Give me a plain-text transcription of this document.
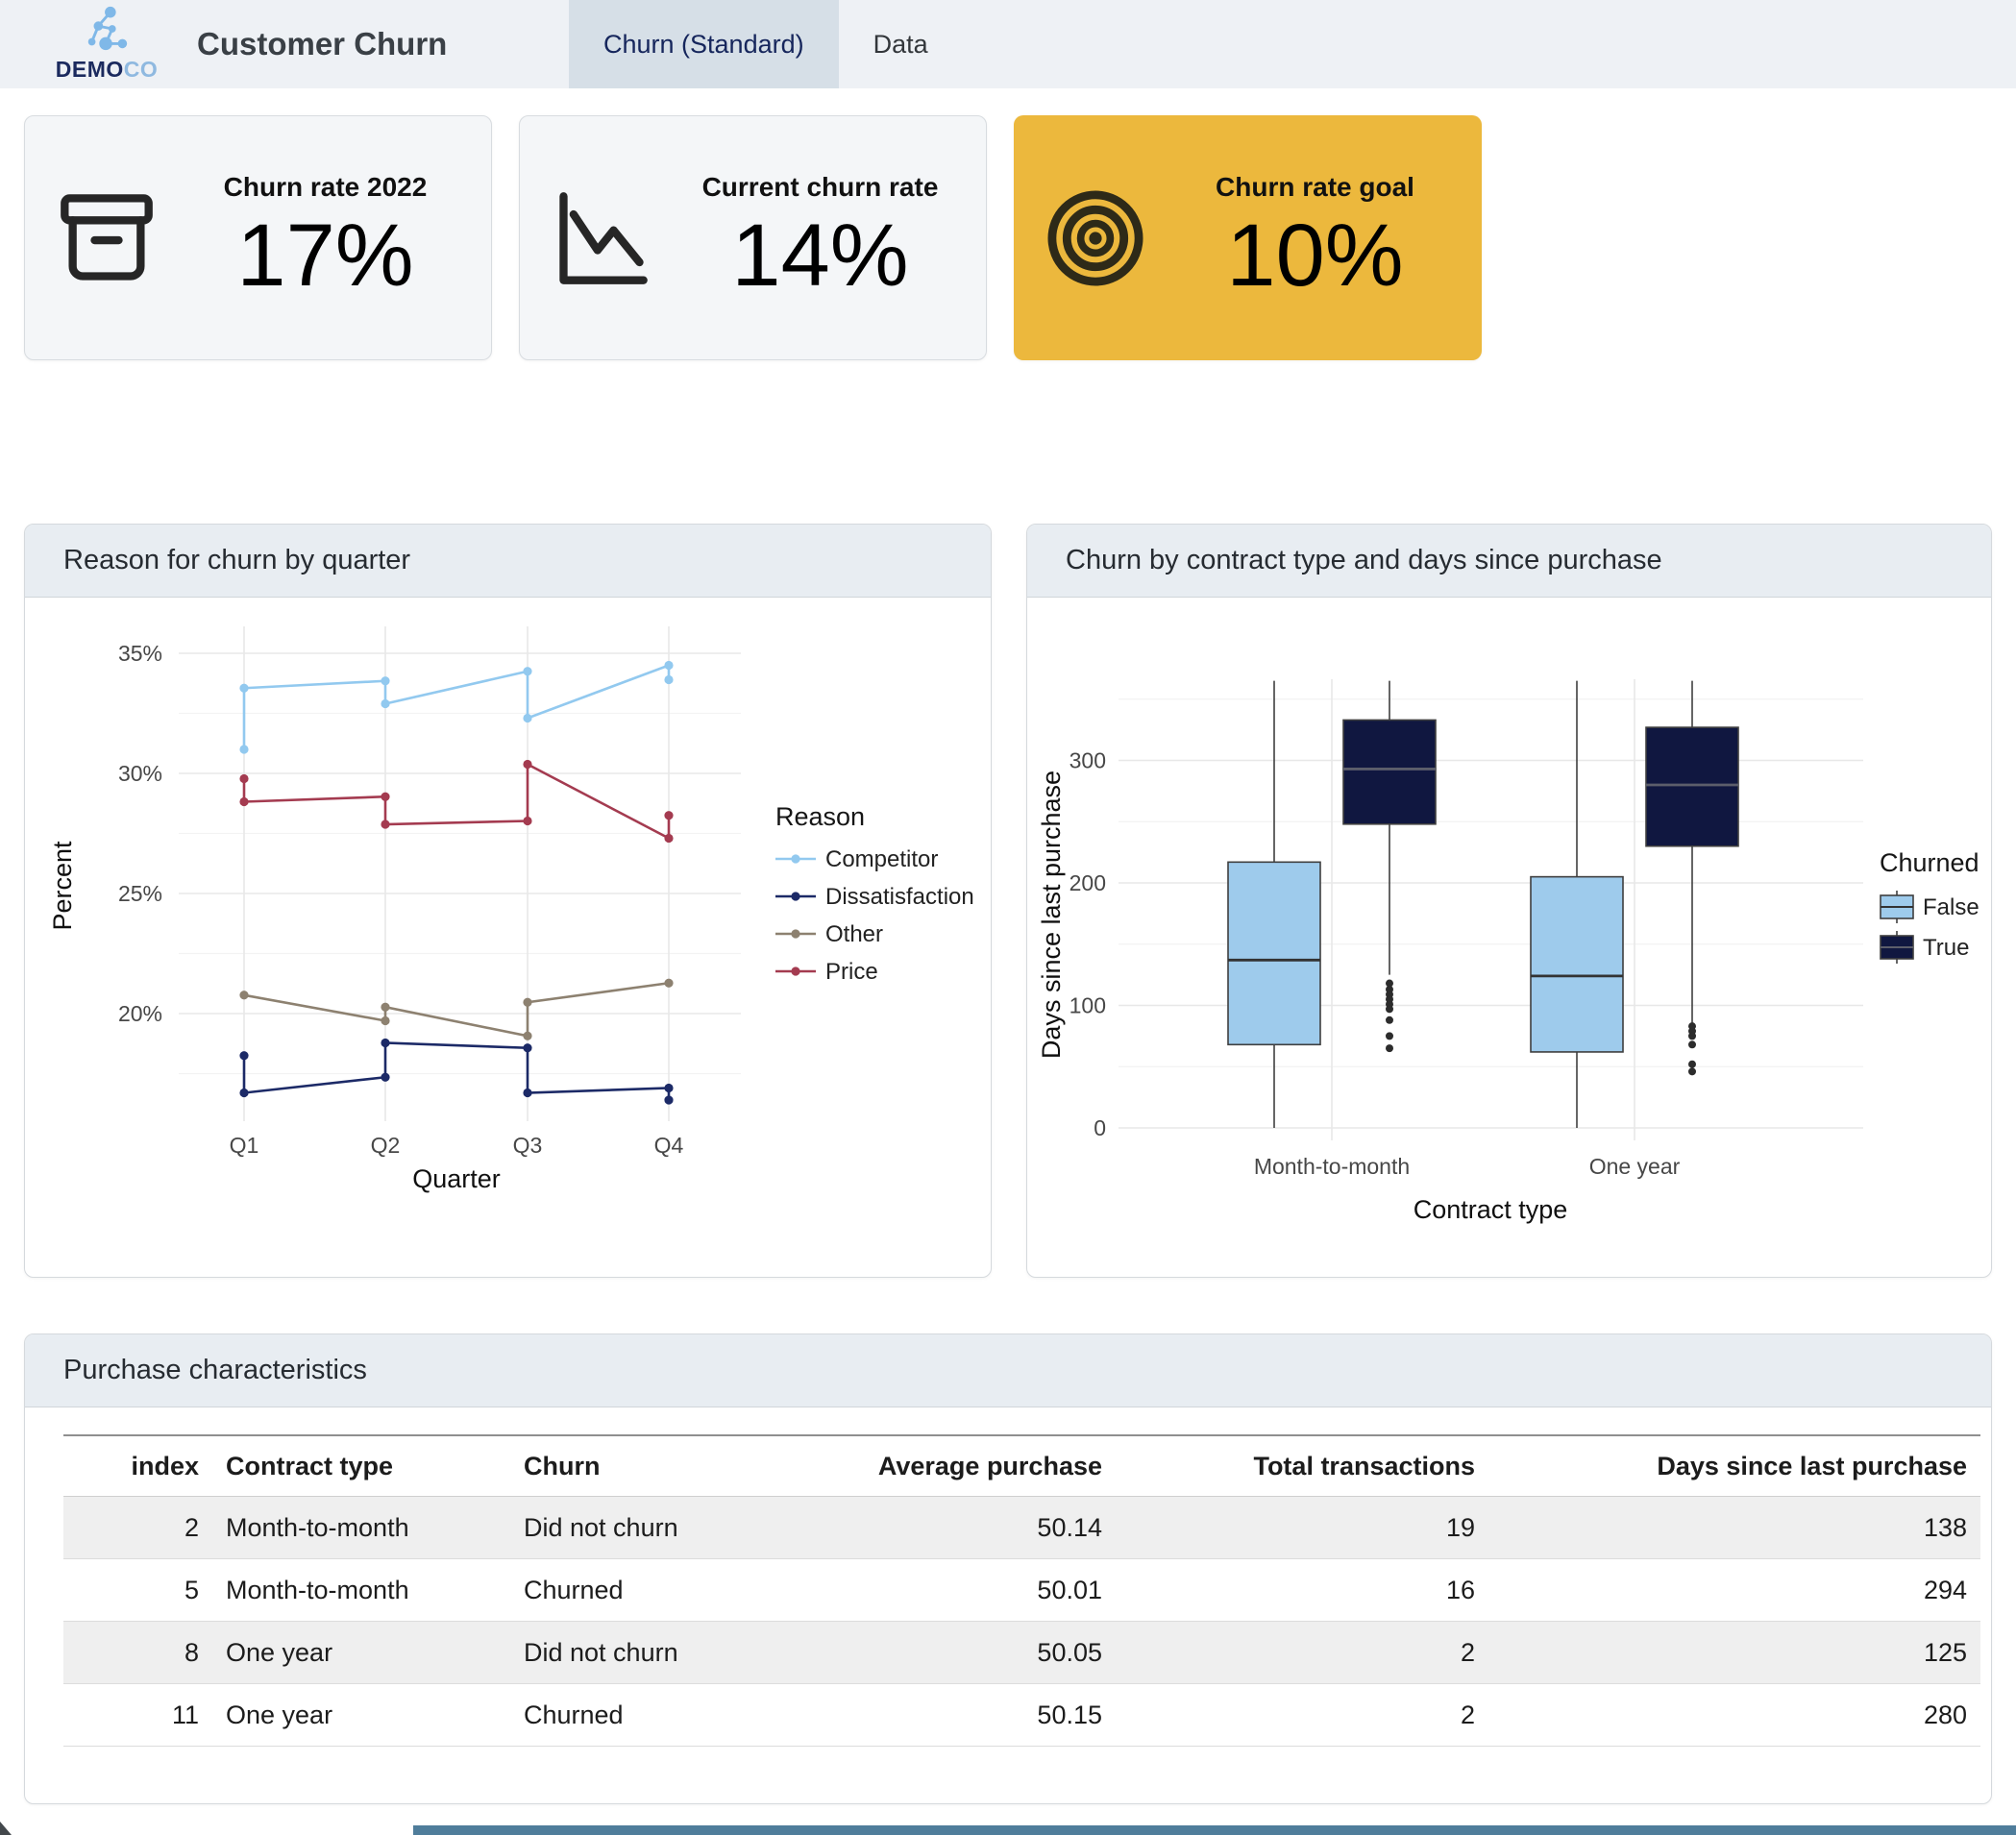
DEMOCO
Customer Churn	Churn (Standard)	Data
Churn rate 2022
17%
Current churn rate
14%
Churn rate goal
10%
Reason for churn by quarter
35%
30%
25%
20%
Q1	Q2	Q3	Q4
Quarter
Percent
Reason
Competitor
Dissatisfaction
Other
Price
Churn by contract type and days since purchase
0
100
200
300
Month-to-month	One year
Contract type
Days since last purchase	Churned
False
True
Purchase characteristics
index	Contract type	Churn	Average purchase	Total transactions	Days since last purchase
2	Month-to-month	Did not churn	50.14	19	138
5	Month-to-month	Churned	50.01	16	294
8	One year	Did not churn	50.05	2	125
11	One year	Churned	50.15	2	280
